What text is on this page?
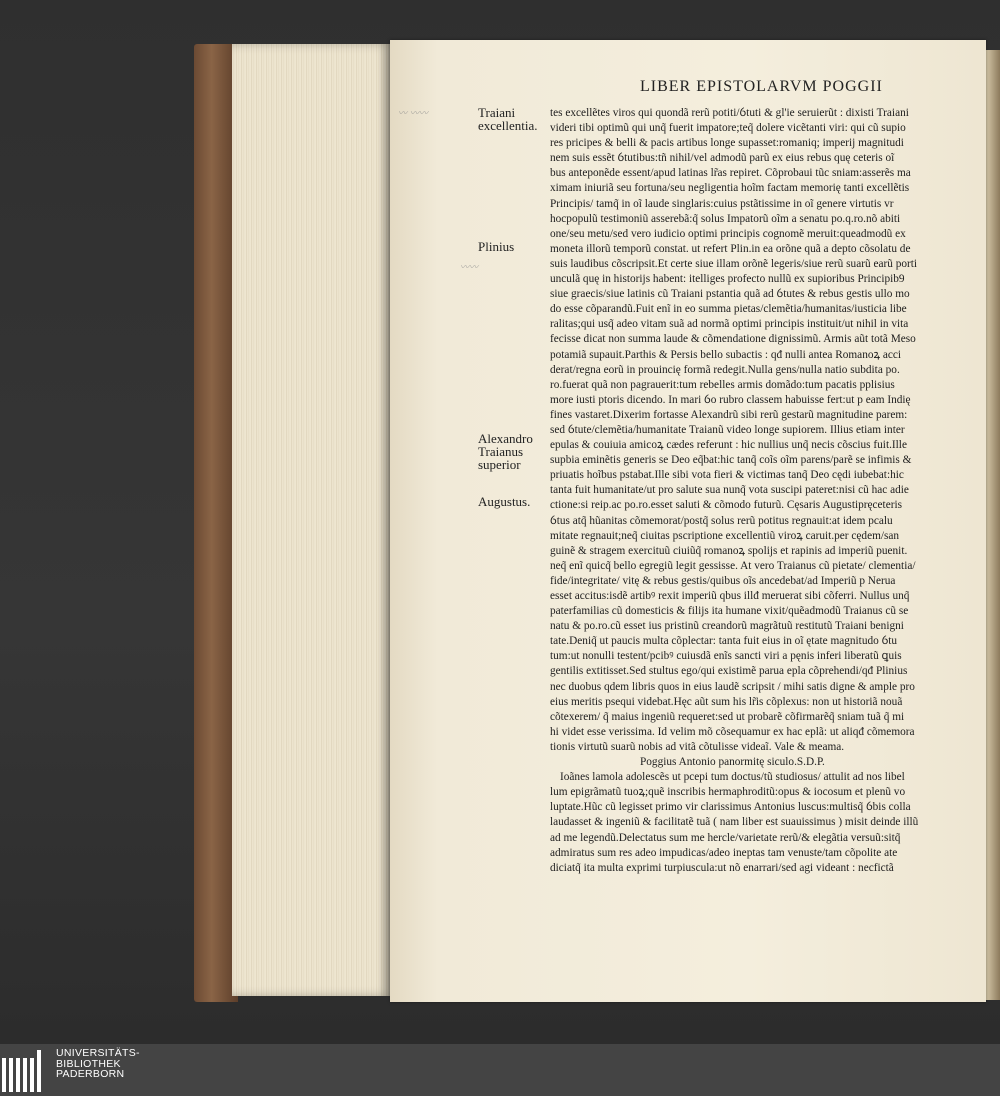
LIBER EPISTOLARVM POGGII
Traiani
excellentia.
Plinius
Alexandro
Traianus
superior
Augustus.
〰 〰〰
〰〰
tes excellẽtes viros qui quondã rerũ potiti/ỽtuti & gl'ie seruierũt : dixisti Traiani
videri tibi optimũ qui unq̃ fuerit impatore;teq̃ dolere vicẽtanti viri: qui cũ supio
res pricipes & belli & pacis artibus longe supasset:romaniq; imperij magnitudi
nem suis essẽt ỽtutibus:tñ nihil/vel admodũ parũ ex eius rebus quę ceteris oĩ
bus anteponẽde essent/apud latinas lr̃as repiret. Cõprobaui tũc sniam:asserẽs ma
ximam iniuriã seu fortuna/seu negligentia hoĩm factam memorię tanti excellẽtis
Principis/ tamq̃ in oĩ laude singlaris:cuius pstãtissime in oĩ genere virtutis vr
hocpopulũ testimoniũ asserebã:q̃ solus Impatorũ oĩm a senatu po.q.ro.nõ abiti
one/seu metu/sed vero iudicio optimi principis cognomẽ meruit:queadmodũ ex
moneta illorũ temporũ constat. ut refert Plin.in ea orõne quã a depto cõsolatu de
suis laudibus cõscripsit.Et certe siue illam orõnẽ legeris/siue rerũ suarũ earũ porti
unculã quę in historijs habent: itelliges profecto nullũ ex supioribus Principib9
siue graecis/siue latinis cũ Traiani pstantia quã ad ỽtutes & rebus gestis ullo mo
do esse cõparandũ.Fuit enĩ in eo summa pietas/clemẽtia/humanitas/iusticia libe
ralitas;qui usq̃ adeo vitam suã ad normã optimi principis instituit/ut nihil in vita
fecisse dicat non summa laude & cõmendatione dignissimũ. Armis aũt totã Meso
potamiã supauit.Parthis & Persis bello subactis : qđ nulli antea Romanoꝝ acci
derat/regna eorũ in prouincię formã redegit.Nulla gens/nulla natio subdita po.
ro.fuerat quã non pagrauerit:tum rebelles armis domãdo:tum pacatis pplisius
more iusti ptoris dicendo. In mari ỽo rubro classem habuisse fert:ut p eam Indię
fines vastaret.Dixerim fortasse Alexandrũ sibi rerũ gestarũ magnitudine parem:
sed ỽtute/clemẽtia/humanitate Traianũ video longe supiorem. Illius etiam inter
epulas & couiuia amicoꝝ cædes referunt : hic nullius unq̃ necis cõscius fuit.Ille
supbia eminẽtis generis se Deo eq̃bat:hic tanq̃ coĩs oĩm parens/parẽ se infimis &
priuatis hoĩbus pstabat.Ille sibi vota fieri & victimas tanq̃ Deo cędi iubebat:hic
tanta fuit humanitate/ut pro salute sua nunq̃ vota suscipi pateret:nisi cũ hac adie
ctione:si reip.ac po.ro.esset saluti & cõmodo futurũ. Cęsaris Augustipręceteris
ỽtus atq̃ hũanitas cõmemorat/postq̃ solus rerũ potitus regnauit:at idem pcalu
mitate regnauit;neq̃ ciuitas pscriptione excellentiũ viroꝝ caruit.per cędem/san
guinẽ & stragem exercituũ ciuiũq̃ romanoꝝ spolijs et rapinis ad imperiũ puenit.
neq̃ enĩ quicq̃ bello egregiũ legit gessisse. At vero Traianus cũ pietate/ clementia/
fide/integritate/ vitę & rebus gestis/quibus oĩs ancedebat/ad Imperiũ p Nerua
esset accitus:isdẽ artibꝰ rexit imperiũ qbus illđ meruerat sibi cõferri. Nullus unq̃
paterfamilias cũ domesticis & filijs ita humane vixit/quẽadmodũ Traianus cũ se
natu & po.ro.cũ esset ius pristinũ creandorũ magrãtuũ restitutũ Traiani benigni
tate.Deniq̃ ut paucis multa cõplectar: tanta fuit eius in oĩ ętate magnitudo ỽtu
tum:ut nonulli testent/pcibꝰ cuiusdã enĩs sancti viri a pęnis inferi liberatũ ꝗuis
gentilis extitisset.Sed stultus ego/qui existimẽ parua epla cõprehendi/qđ Plinius
nec duobus qdem libris quos in eius laudẽ scripsit / mihi satis digne & ample pro
eius meritis psequi videbat.Hęc aũt sum his lr̃is cõplexus: non ut historiã nouã
cõtexerem/ q̃ maius ingeniũ requeret:sed ut probarẽ cõfirmarẽq̃ sniam tuã q̃ mi
hi videt esse verissima. Id velim mõ cõsequamur ex hac eplã: ut aliqđ cõmemora
tionis virtutũ suarũ nobis ad vitã cõtulisse videaĩ. Vale & meama.
Poggius Antonio panormitę siculo.S.D.P.
Ioãnes lamola adolescẽs ut pcepi tum doctus/tũ studiosus/ attulit ad nos libel
lum epigrãmatũ tuoꝝ;quẽ inscribis hermaphroditũ:opus & iocosum et plenũ vo
luptate.Hũc cũ legisset primo vir clarissimus Antonius luscus:multisq̃ ỽbis colla
laudasset & ingeniũ & facilitatẽ tuã ( nam liber est suauissimus ) misit deinde illũ
ad me legendũ.Delectatus sum me hercle/varietate rerũ/& elegãtia versuũ:sitq̃
admiratus sum res adeo impudicas/adeo ineptas tam venuste/tam cõpolite ate
diciatq̃ ita multa exprimi turpiuscula:ut nõ enarrari/sed agi videant : necfictã
UNIVERSITÄTS-
BIBLIOTHEK
PADERBORN
